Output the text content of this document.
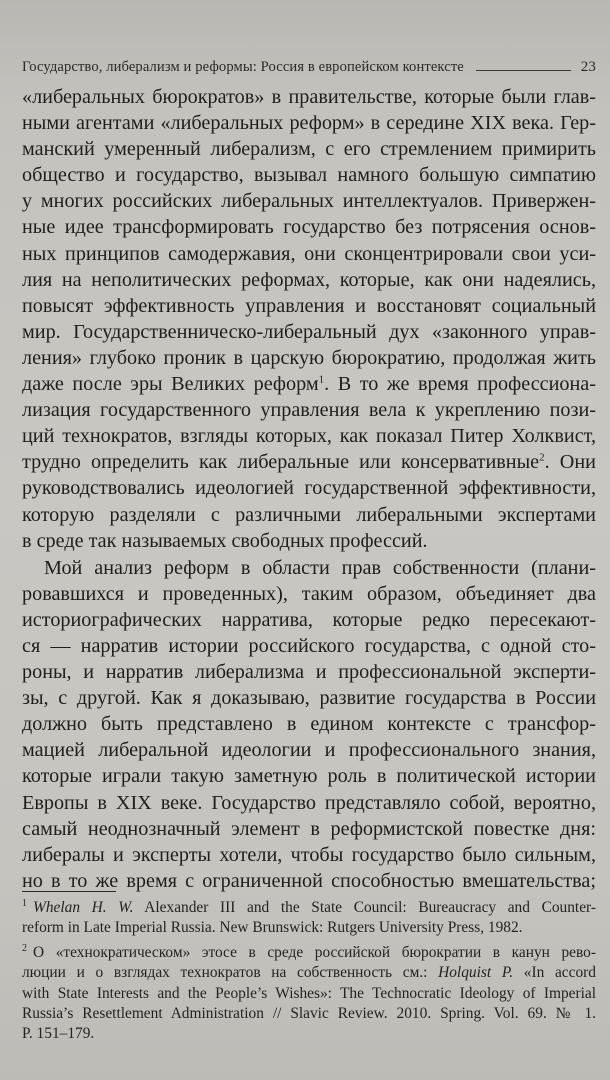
Государство, либерализм и реформы: Россия в европейском контексте	23
«либеральных бюрократов» в правительстве, которые были глав-
ными агентами «либеральных реформ» в середине XIX века. Гер-
манский умеренный либерализм, с его стремлением примирить
общество и государство, вызывал намного большую симпатию
у многих российских либеральных интеллектуалов. Привержен-
ные идее трансформировать государство без потрясения основ-
ных принципов самодержавия, они сконцентрировали свои уси-
лия на неполитических реформах, которые, как они надеялись,
повысят эффективность управления и восстановят социальный
мир. Государственническо-либеральный дух «законного управ-
ления» глубоко проник в царскую бюрократию, продолжая жить
даже после эры Великих реформ$^1$. В то же время профессиона-
лизация государственного управления вела к укреплению пози-
ций технократов, взгляды которых, как показал Питер Холквист,
трудно определить как либеральные или консервативные$^2$. Они
руководствовались идеологией государственной эффективности,
которую разделяли с различными либеральными экспертами
в среде так называемых свободных профессий.
Мой анализ реформ в области прав собственности (плани-
ровавшихся и проведенных), таким образом, объединяет два
историографических нарратива, которые редко пересекают-
ся — нарратив истории российского государства, с одной сто-
роны, и нарратив либерализма и профессиональной эксперти-
зы, с другой. Как я доказываю, развитие государства в России
должно быть представлено в едином контексте с трансфор-
мацией либеральной идеологии и профессионального знания,
которые играли такую заметную роль в политической истории
Европы в XIX веке. Государство представляло собой, вероятно,
самый неоднозначный элемент в реформистской повестке дня:
либералы и эксперты хотели, чтобы государство было сильным,
но в то же время с ограниченной способностью вмешательства;
1 Whelan H. W. Alexander III and the State Council: Bureaucracy and Counter-
reform in Late Imperial Russia. New Brunswick: Rutgers University Press, 1982.
2 О «технократическом» этосе в среде российской бюрократии в канун рево-
люции и о взглядах технократов на собственность см.: Holquist P. «In accord
with State Interests and the People’s Wishes»: The Technocratic Ideology of Imperial
Russia’s Resettlement Administration // Slavic Review. 2010. Spring. Vol. 69. № 1.
P. 151–179.
